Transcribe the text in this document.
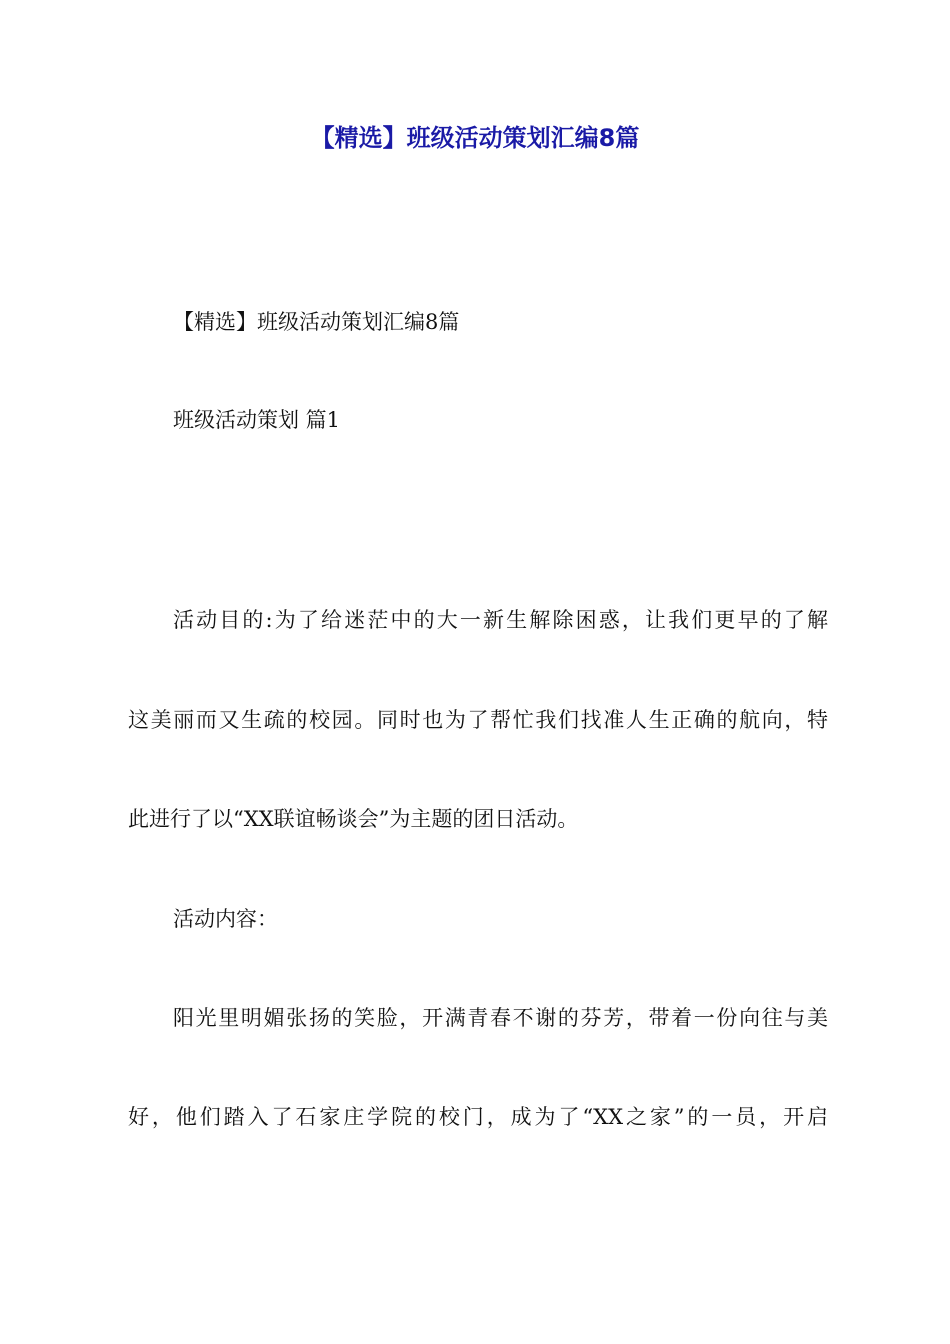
【精选】班级活动策划汇编8篇

【精选】班级活动策划汇编8篇

班级活动策划 篇1

活动目的:为了给迷茫中的大一新生解除困惑，让我们更早的了解

这美丽而又生疏的校园。同时也为了帮忙我们找准人生正确的航向，特

此进行了以“XX联谊畅谈会”为主题的团日活动。

活动内容：

阳光里明媚张扬的笑脸，开满青春不谢的芬芳，带着一份向往与美

好，他们踏入了石家庄学院的校门，成为了“XX之家”的一员，开启
